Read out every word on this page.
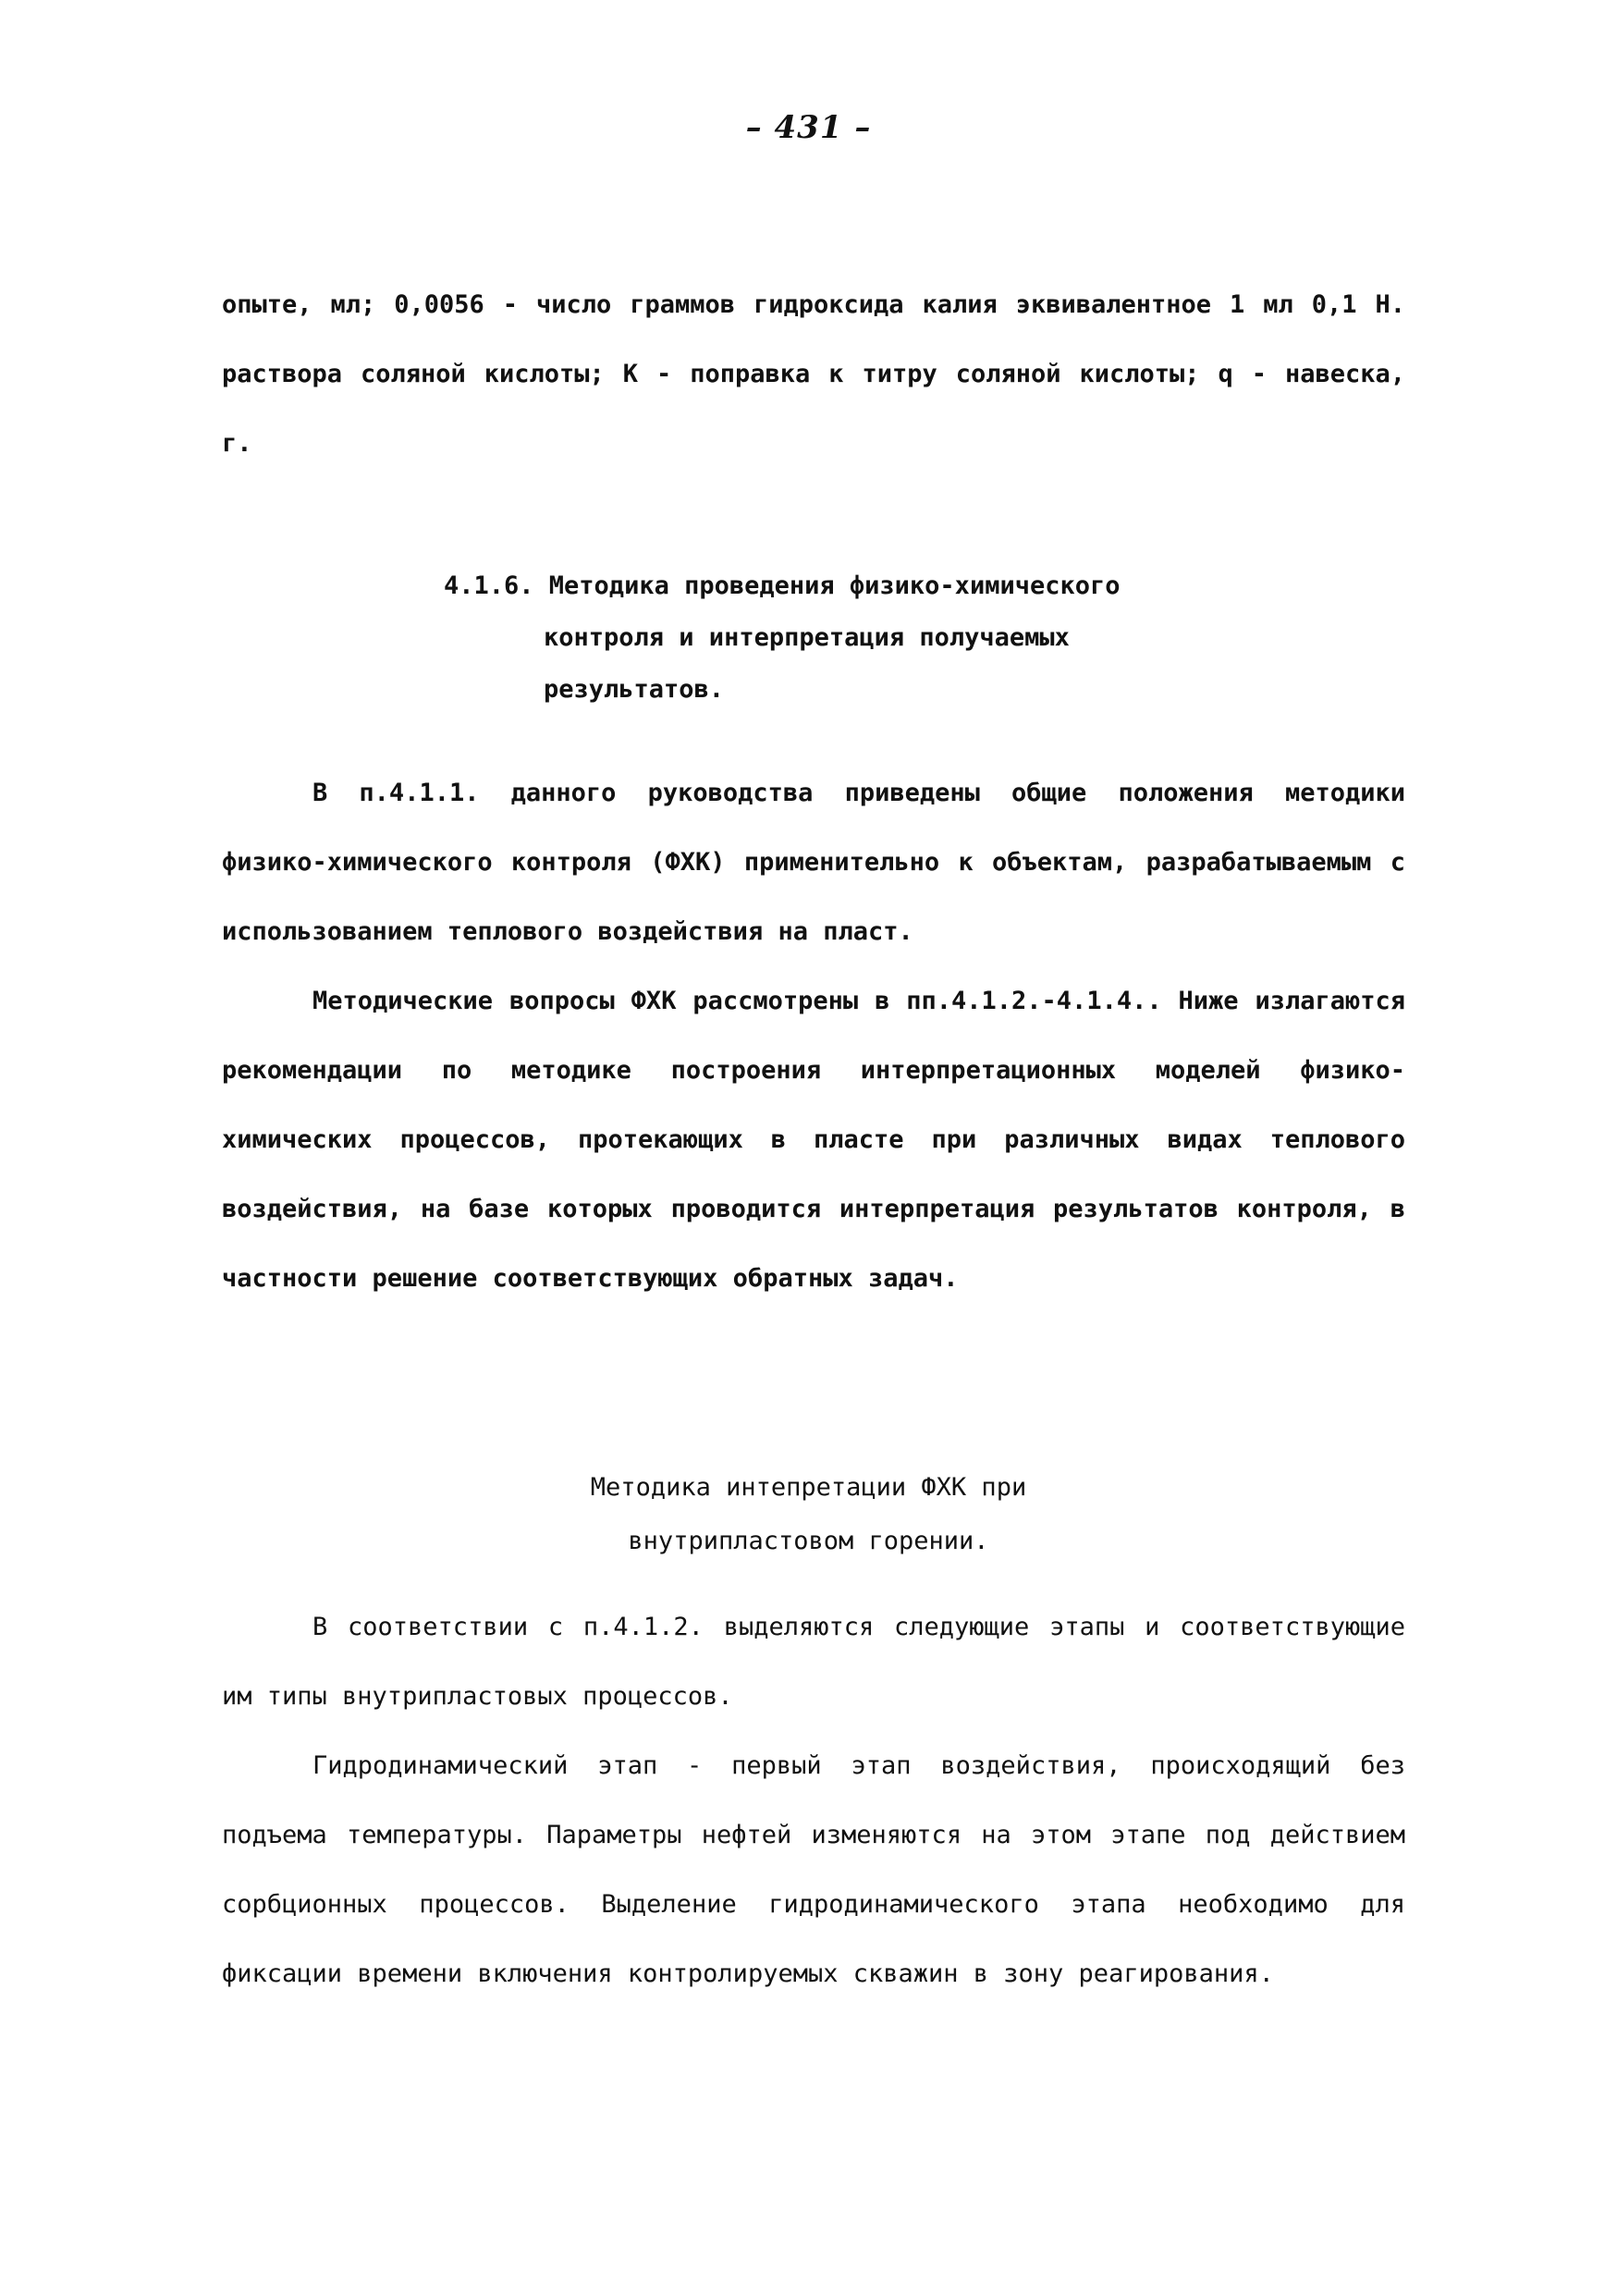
– 431 –

опыте, мл; 0,0056 - число граммов гидроксида калия эквивалентное 1 мл 0,1 Н. раствора соляной кислоты; К - поправка к титру соляной кислоты; q - навеска, г.

4.1.6. Методика проведения физико-химического
контроля и интерпретация получаемых
результатов.

В п.4.1.1. данного руководства приведены общие положения методики физико-химического контроля (ФХК) применительно к объектам, разрабатываемым с использованием теплового воздействия на пласт.

Методические вопросы ФХК рассмотрены в пп.4.1.2.-4.1.4.. Ниже излагаются рекомендации по методике построения интерпретационных моделей физико-химических процессов, протекающих в пласте при различных видах теплового воздействия, на базе которых проводится интерпретация результатов контроля, в частности решение соответствующих обратных задач.

Методика интепретации ФХК при
внутрипластовом горении.

В соответствии с п.4.1.2. выделяются следующие этапы и соответствующие им типы внутрипластовых процессов.

Гидродинамический этап - первый этап воздействия, происходящий без подъема температуры. Параметры нефтей изменяются на этом этапе под действием сорбционных процессов. Выделение гидродинамического этапа необходимо для фиксации времени включения контролируемых скважин в зону реагирования.
